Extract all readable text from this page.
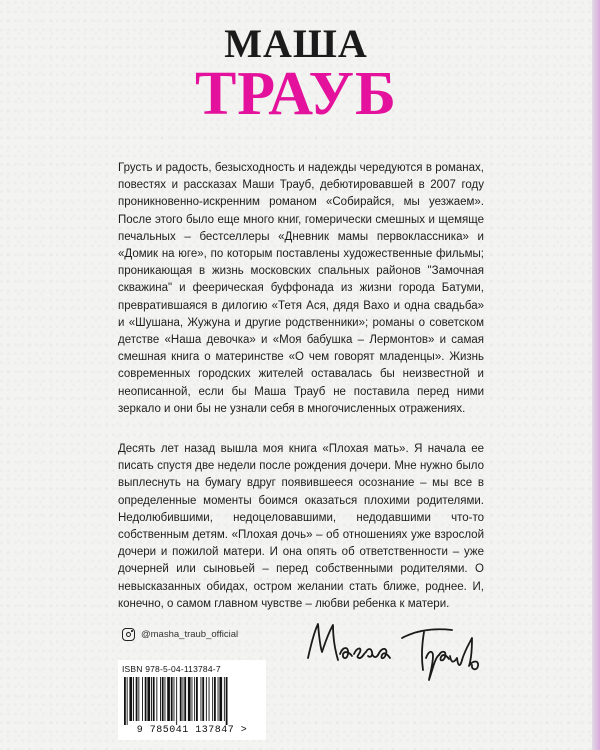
МАША
ТРАУБ

Грусть и радость, безысходность и надежды чередуются в романах, повестях и рассказах Маши Трауб, дебютировавшей в 2007 году проникновенно-искренним романом «Собирайся, мы уезжаем». После этого было еще много книг, гомерически смешных и щемяще печальных – бестселлеры «Дневник мамы первоклассника» и «Домик на юге», по которым поставлены художественные фильмы; проникающая в жизнь московских спальных районов "Замочная скважина" и феерическая буффонада из жизни города Батуми, превратившаяся в дилогию «Тетя Ася, дядя Вахо и одна свадьба» и «Шушана, Жужуна и другие родственники»; романы о советском детстве «Наша девочка» и «Моя бабушка – Лермонтов» и самая смешная книга о материнстве «О чем говорят младенцы». Жизнь современных городских жителей оставалась бы неизвестной и неописанной, если бы Маша Трауб не поставила перед ними зеркало и они бы не узнали себя в многочисленных отражениях.

Десять лет назад вышла моя книга «Плохая мать». Я начала ее писать спустя две недели после рождения дочери. Мне нужно было выплеснуть на бумагу вдруг появившееся осознание – мы все в определенные моменты боимся оказаться плохими родителями. Недолюбившими, недоцеловавшими, недодавшими что-то собственным детям. «Плохая дочь» – об отношениях уже взрослой дочери и пожилой матери. И она опять об ответственности – уже дочерней или сыновьей – перед собственными родителями. О невысказанных обидах, остром желании стать ближе, роднее. И, конечно, о самом главном чувстве – любви ребенка к матери.

@masha_traub_official
ISBN 978-5-04-113784-7
9 785041 137847 >
